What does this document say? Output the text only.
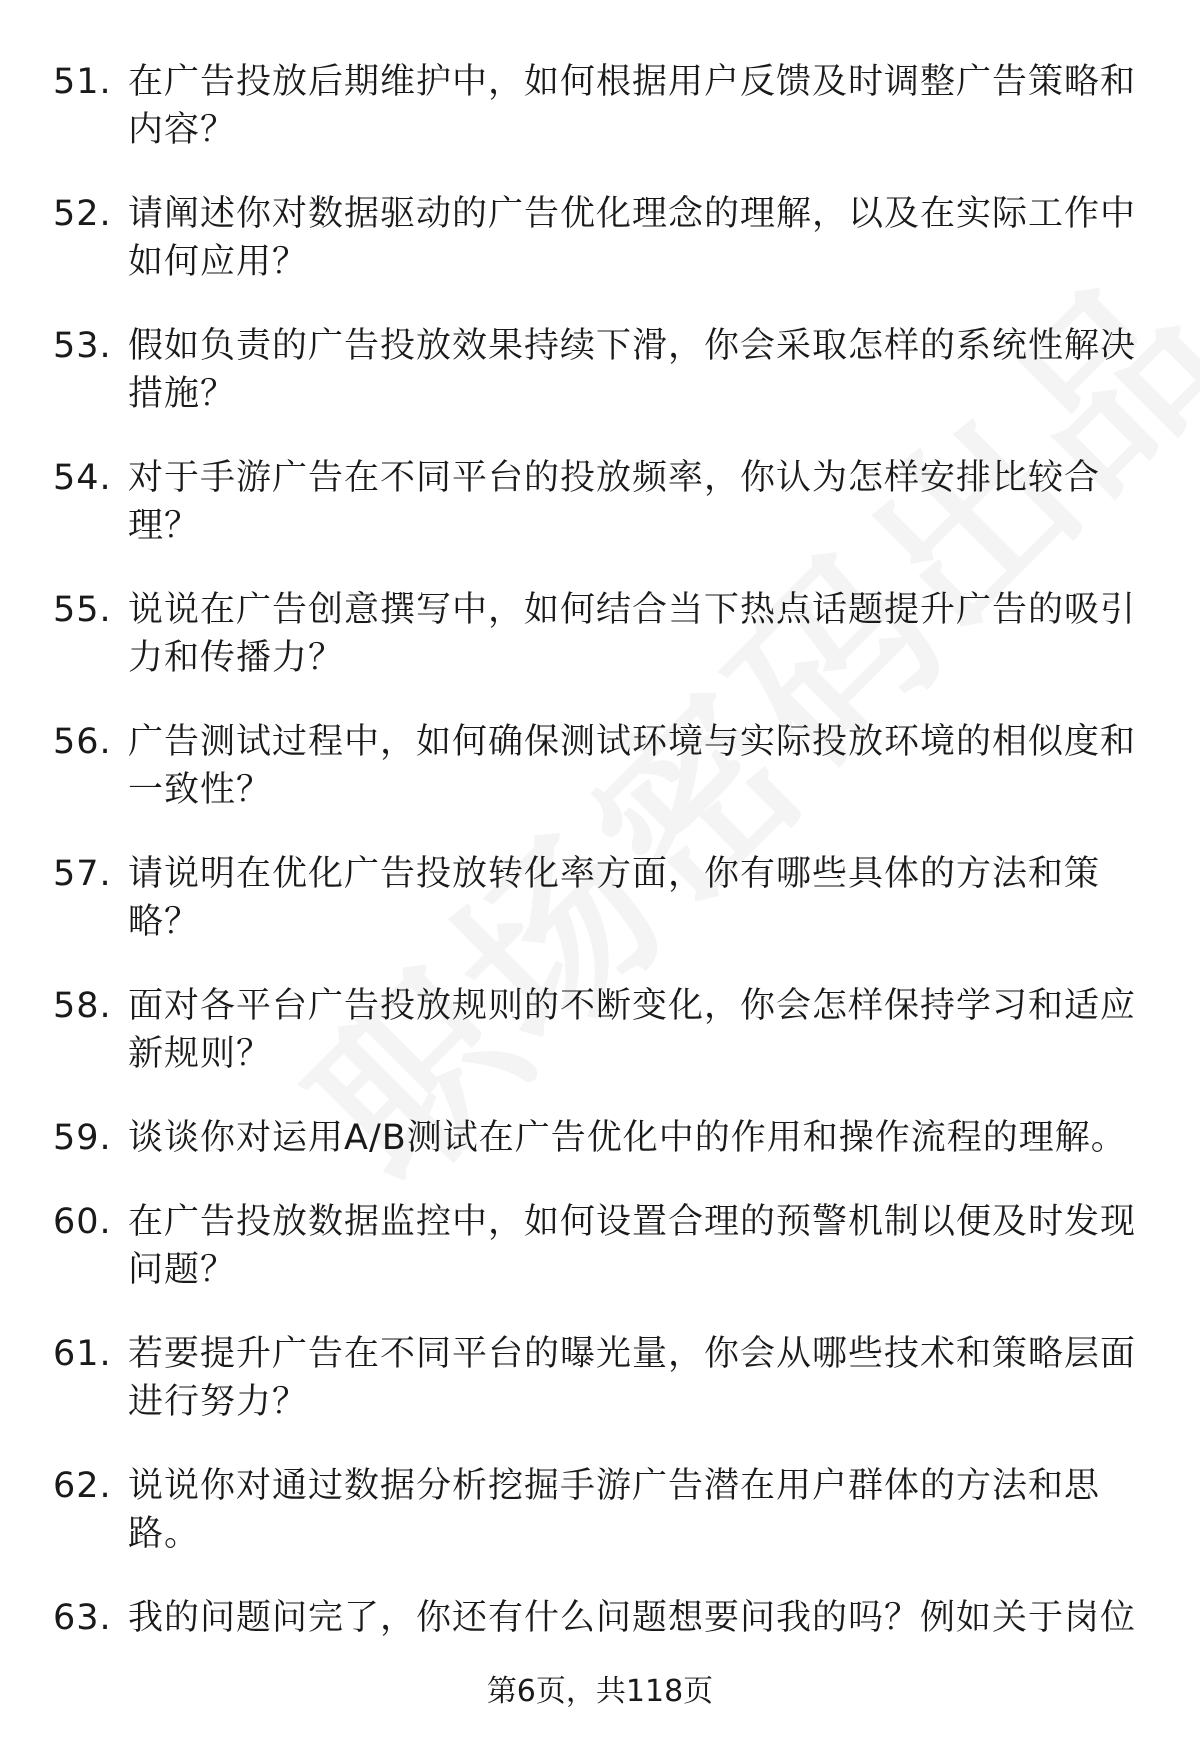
51. 在广告投放后期维护中，如何根据用户反馈及时调整广告策略和内容？
52. 请阐述你对数据驱动的广告优化理念的理解，以及在实际工作中如何应用？
53. 假如负责的广告投放效果持续下滑，你会采取怎样的系统性解决措施？
54. 对于手游广告在不同平台的投放频率，你认为怎样安排比较合理？
55. 说说在广告创意撰写中，如何结合当下热点话题提升广告的吸引力和传播力？
56. 广告测试过程中，如何确保测试环境与实际投放环境的相似度和一致性？
57. 请说明在优化广告投放转化率方面，你有哪些具体的方法和策略？
58. 面对各平台广告投放规则的不断变化，你会怎样保持学习和适应新规则？
59. 谈谈你对运用A/B测试在广告优化中的作用和操作流程的理解。
60. 在广告投放数据监控中，如何设置合理的预警机制以便及时发现问题？
61. 若要提升广告在不同平台的曝光量，你会从哪些技术和策略层面进行努力？
62. 说说你对通过数据分析挖掘手游广告潜在用户群体的方法和思路。
63. 我的问题问完了，你还有什么问题想要问我的吗？例如关于岗位
第6页，共118页
